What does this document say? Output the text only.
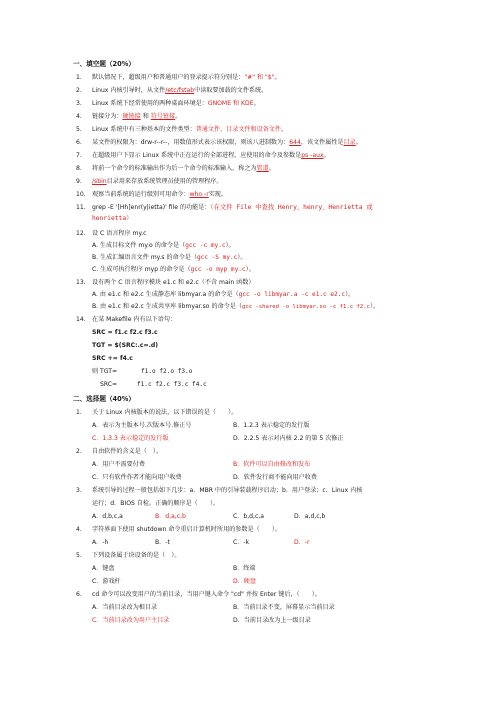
一、填空题（20%）
1. 默认情况下，超级用户和普通用户的登录提示符分别是："#" 和 "$"。
2. Linux 内核引导时，从文件/etc/fstab中读取要加载的文件系统。
3. Linux 系统下经常使用的两种桌面环境是：GNOME 和 KDE。
4. 链接分为：硬链接 和 符号链接。
5. Linux 系统中有三种基本的文件类型：普通文件、目录文件和设备文件。
6. 某文件的权限为：drw-r--r--，用数值形式表示该权限，则该八进制数为：644，该文件属性是目录。
7. 在超级用户下显示 Linux 系统中正在运行的全部进程，应使用的命令及参数是ps -aux。
8. 将前一个命令的标准输出作为后一个命令的标准输入，称之为管道。
9. /sbin目录用来存放系统管理员使用的管理程序。
10. 观察当前系统的运行级别可用命令：who -r实现。
11. grep -E '[Hh]enr(y|ietta)' file 的功能是：（在文件 File 中查找 Henry、henry、Henrietta 或
henrietta）
12. 设 C 语言程序 my.c
A. 生成目标文件 my.o 的命令是（gcc -c my.c）。
B. 生成汇编语言文件 my.s 的命令是（gcc -S my.c）。
C. 生成可执行程序 myp 的命令是（gcc -o myp my.c）。
13. 设有两个 C 语言程序模块 e1.c 和 e2.c（不含 main 函数）
A. 由 e1.c 和 e2.c 生成静态库 libmyar.a 的命令是（gcc -o libmyar.a -c e1.c e2.c）。
B. 由 e1.c 和 e2.c 生成共享库 libmyar.so 的命令是（gcc -shared -o libmyar.so -c f1.c f2.c）。
14. 在某 Makefile 内有以下语句：
SRC = f1.c f2.c f3.c
TGT = $(SRC:.c=.d)
SRC += f4.c
则 TGT=	f1.o f2.o f3.o
SRC=	f1.c f2.c f3.c f4.c
二、选择题（40%）
1. 关于 Linux 内核版本的说法，以下错误的是（　　）。
A．表示为主版本号.次版本号.修正号	B．1.2.3 表示稳定的发行版
C．1.3.3 表示稳定的发行版	D．2.2.5 表示对内核 2.2 的第 5 次修正
2. 自由软件的含义是（　）。
A．用户不需要付费	B．软件可以自由修改和发布
C．只有软件作者才能向用户收费	D．软件发行商不能向用户收费
3. 系统引导的过程一般包括如下几步：a．MBR 中的引导装载程序启动；b．用户登录；c．Linux 内核
运行；d．BIOS 自检。正确的顺序是（　　）。
A．d,b,c,a	B．d,a,c,b	C．b,d,c,a	D．a,d,c,b
4. 字符界面下使用 shutdown 命令重启计算机时所用的参数是（　　）。
A．-h	B．-t	C．-k	D．-r
5. 下列设备属于块设备的是（　）。
A．键盘	B．终端
C．游戏杆	D．硬盘
6. cd 命令可以改变用户的当前目录，当用户键入命令 "cd" 并按 Enter 键后，（　　）。
A．当前目录改为根目录	B．当前目录不变，屏幕显示当前目录
C．当前目录改为用户主目录	D．当前目录改为上一级目录
